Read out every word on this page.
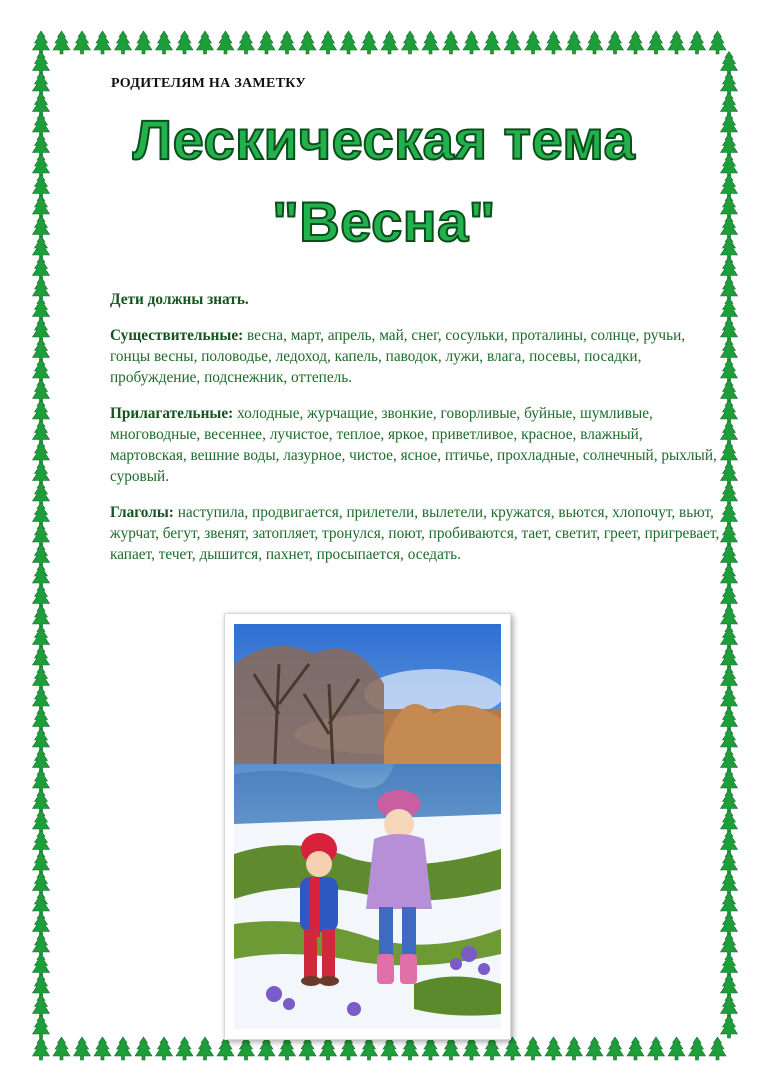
РОДИТЕЛЯМ НА ЗАМЕТКУ
Лескическая тема
"Весна"

Дети должны знать.

Существительные: весна, март, апрель, май, снег, сосульки, проталины, солнце, ручьи, гонцы весны, половодье, ледоход, капель, паводок, лужи, влага, посевы, посадки, пробуждение, подснежник, оттепель.

Прилагательные: холодные, журчащие, звонкие, говорливые, буйные, шумливые, многоводные, весеннее, лучистое, теплое, яркое, приветливое, красное, влажный, мартовская, вешние воды, лазурное, чистое, ясное, птичье, прохладные, солнечный, рыхлый, суровый.

Глаголы: наступила, продвигается, прилетели, вылетели, кружатся, вьются, хлопочут, вьют, журчат, бегут, звенят, затопляет, тронулся, поют, пробиваются, тает, светит, греет, пригревает, капает, течет, дышится, пахнет, просыпается, оседать.
